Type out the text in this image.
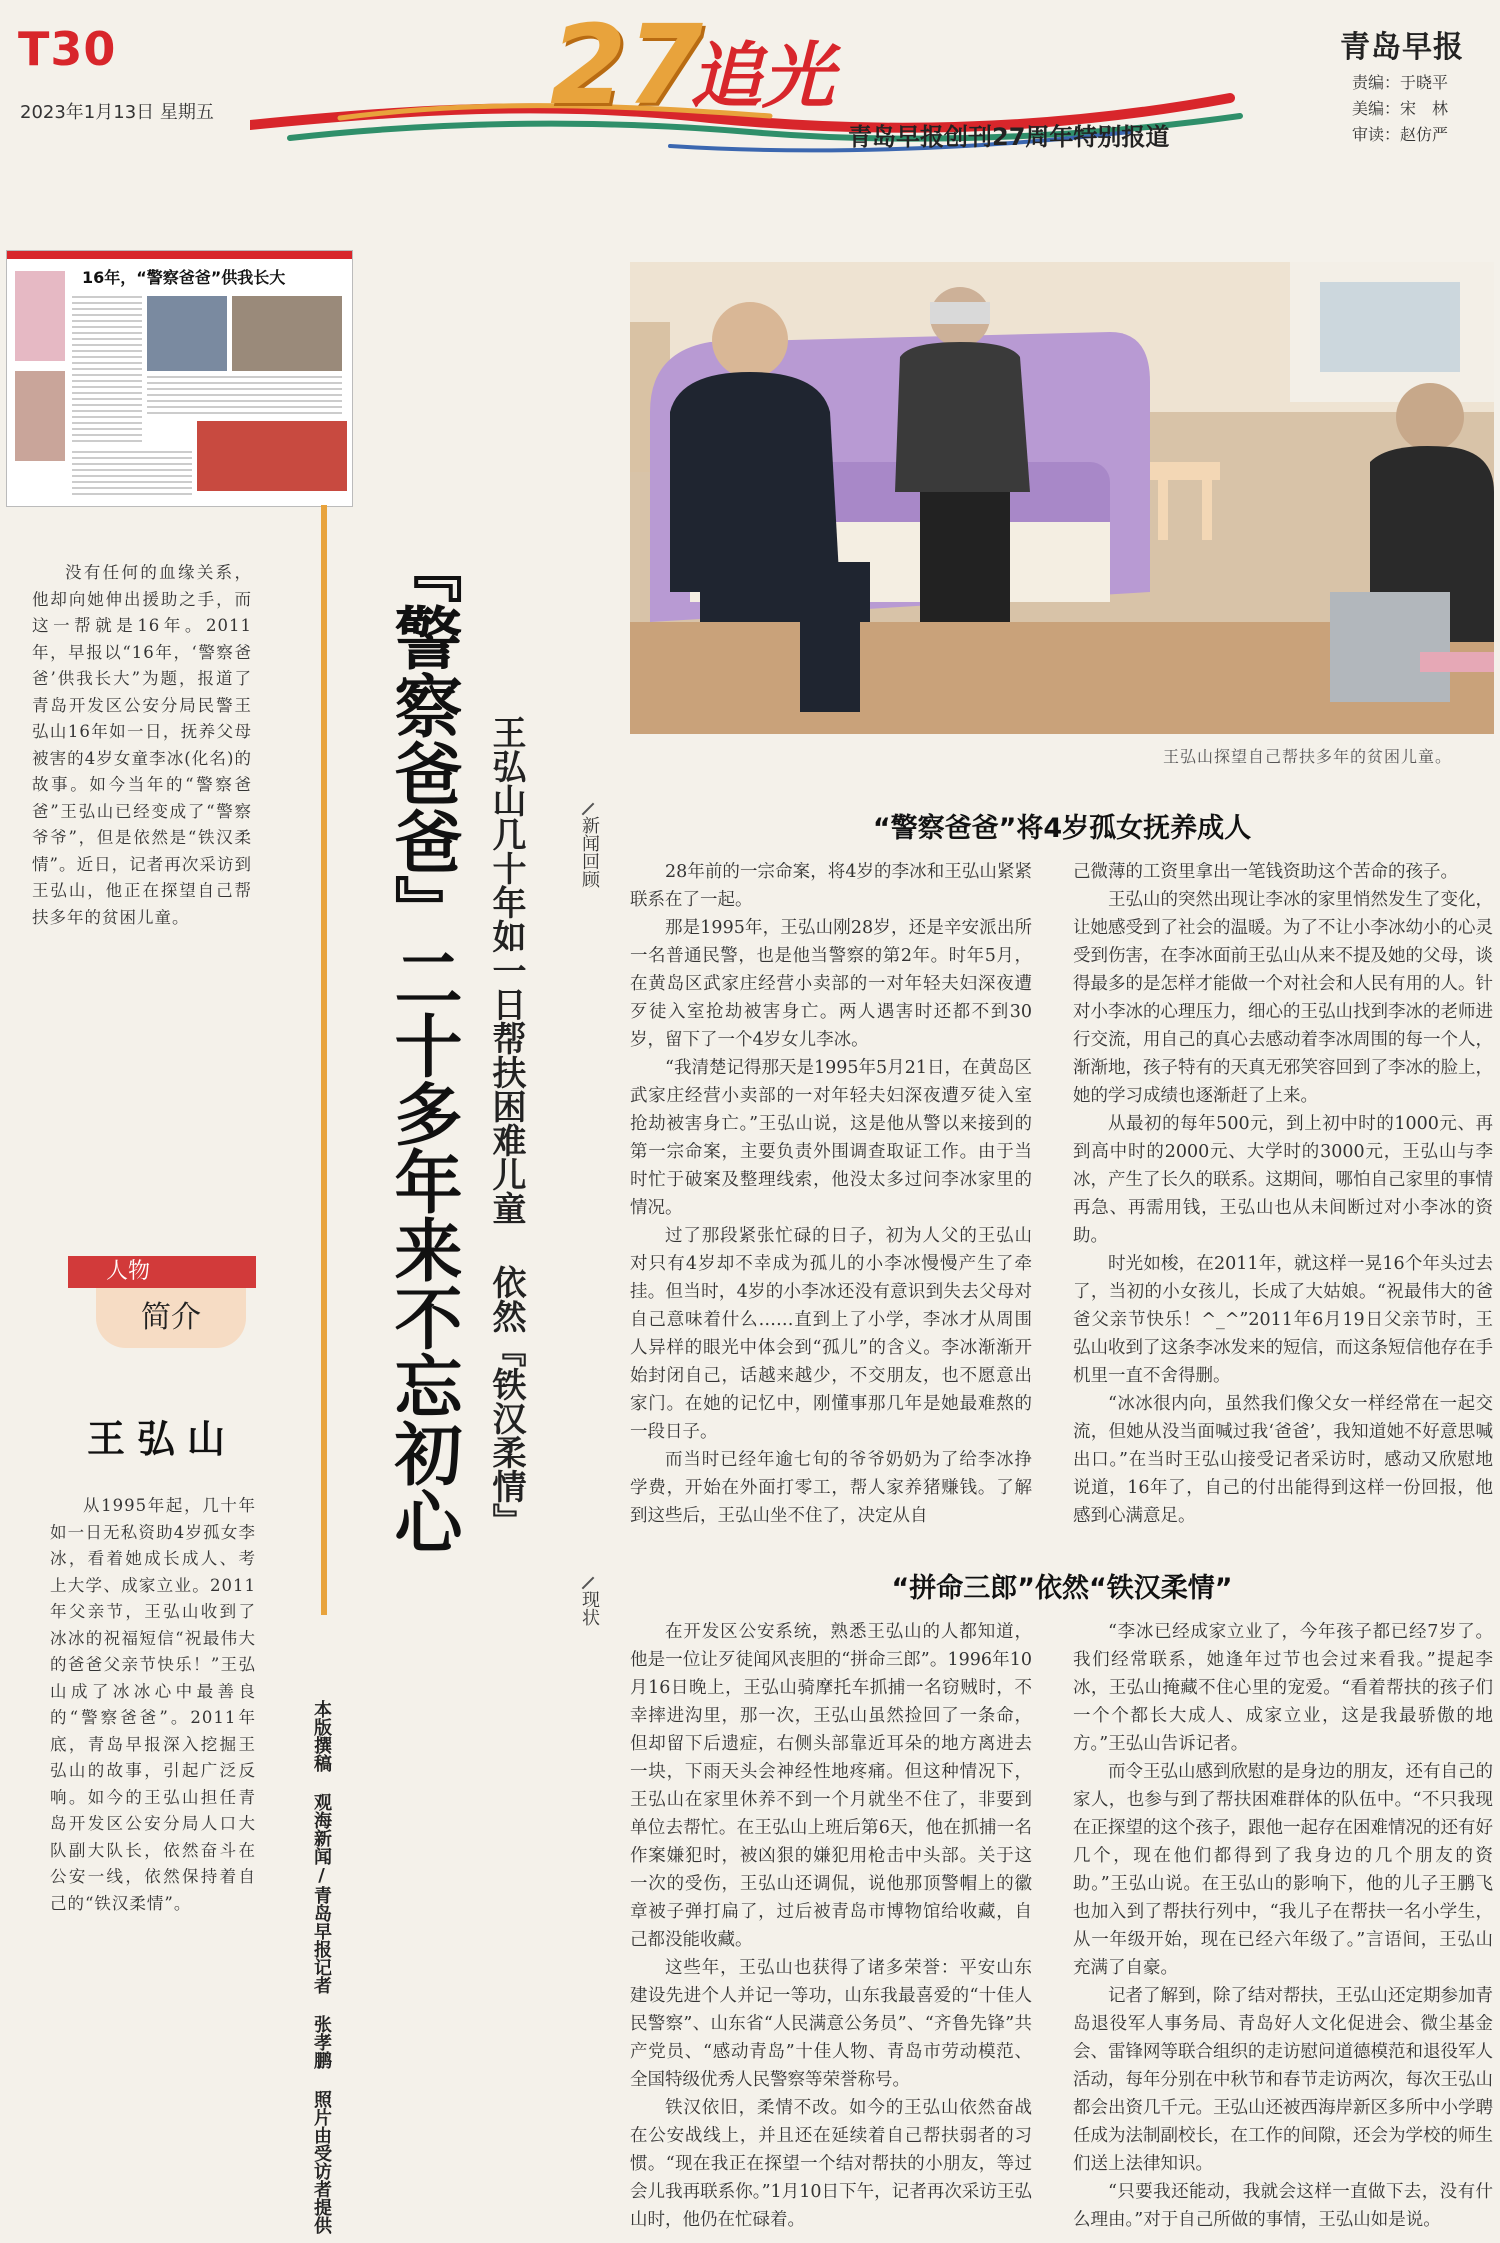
T30
2023年1月13日 星期五	27
追光
青岛早报创刊27周年特别报道
青岛早报
责编：于晓平
美编：宋　林
审读：赵仿严
16年，“警察爸爸”供我长大
没有任何的血缘关系，他却向她伸出援助之手，而这一帮就是16年。2011年，早报以“16年，‘警察爸爸’供我长大”为题，报道了青岛开发区公安分局民警王弘山16年如一日，抚养父母被害的4岁女童李冰(化名)的故事。如今当年的“警察爸爸”王弘山已经变成了“警察爷爷”，但是依然是“铁汉柔情”。近日，记者再次采访到王弘山，他正在探望自己帮扶多年的贫困儿童。	『警察爸爸』二十多年来不忘初心 王弘山几十年如一日帮扶困难儿童 依然『铁汉柔情』
人物
简介
王弘山
从1995年起，几十年如一日无私资助4岁孤女李冰，看着她成长成人、考上大学、成家立业。2011年父亲节，王弘山收到了冰冰的祝福短信“祝最伟大的爸爸父亲节快乐！”王弘山成了冰冰心中最善良的“警察爸爸”。2011年底，青岛早报深入挖掘王弘山的故事，引起广泛反响。如今的王弘山担任青岛开发区公安分局人口大队副大队长，依然奋斗在公安一线，依然保持着自己的“铁汉柔情”。	本版撰稿 观海新闻/青岛早报记者 张孝鹏 照片由受访者提供
王弘山探望自己帮扶多年的贫困儿童。
新闻回顾	“警察爸爸”将4岁孤女抚养成人

28年前的一宗命案，将4岁的李冰和王弘山紧紧联系在了一起。

那是1995年，王弘山刚28岁，还是辛安派出所一名普通民警，也是他当警察的第2年。时年5月，在黄岛区武家庄经营小卖部的一对年轻夫妇深夜遭歹徒入室抢劫被害身亡。两人遇害时还都不到30岁，留下了一个4岁女儿李冰。

“我清楚记得那天是1995年5月21日，在黄岛区武家庄经营小卖部的一对年轻夫妇深夜遭歹徒入室抢劫被害身亡。”王弘山说，这是他从警以来接到的第一宗命案，主要负责外围调查取证工作。由于当时忙于破案及整理线索，他没太多过问李冰家里的情况。

过了那段紧张忙碌的日子，初为人父的王弘山对只有4岁却不幸成为孤儿的小李冰慢慢产生了牵挂。但当时，4岁的小李冰还没有意识到失去父母对自己意味着什么……直到上了小学，李冰才从周围人异样的眼光中体会到“孤儿”的含义。李冰渐渐开始封闭自己，话越来越少，不交朋友，也不愿意出家门。在她的记忆中，刚懂事那几年是她最难熬的一段日子。

而当时已经年逾七旬的爷爷奶奶为了给李冰挣学费，开始在外面打零工，帮人家养猪赚钱。了解到这些后，王弘山坐不住了，决定从自

己微薄的工资里拿出一笔钱资助这个苦命的孩子。

王弘山的突然出现让李冰的家里悄然发生了变化，让她感受到了社会的温暖。为了不让小李冰幼小的心灵受到伤害，在李冰面前王弘山从来不提及她的父母，谈得最多的是怎样才能做一个对社会和人民有用的人。针对小李冰的心理压力，细心的王弘山找到李冰的老师进行交流，用自己的真心去感动着李冰周围的每一个人，渐渐地，孩子特有的天真无邪笑容回到了李冰的脸上，她的学习成绩也逐渐赶了上来。

从最初的每年500元，到上初中时的1000元、再到高中时的2000元、大学时的3000元，王弘山与李冰，产生了长久的联系。这期间，哪怕自己家里的事情再急、再需用钱，王弘山也从未间断过对小李冰的资助。

时光如梭，在2011年，就这样一晃16个年头过去了，当初的小女孩儿，长成了大姑娘。“祝最伟大的爸爸父亲节快乐！^_^”2011年6月19日父亲节时，王弘山收到了这条李冰发来的短信，而这条短信他存在手机里一直不舍得删。

“冰冰很内向，虽然我们像父女一样经常在一起交流，但她从没当面喊过我‘爸爸’，我知道她不好意思喊出口。”在当时王弘山接受记者采访时，感动又欣慰地说道，16年了，自己的付出能得到这样一份回报，他感到心满意足。

现状
“拼命三郎”依然“铁汉柔情”

在开发区公安系统，熟悉王弘山的人都知道，他是一位让歹徒闻风丧胆的“拼命三郎”。1996年10月16日晚上，王弘山骑摩托车抓捕一名窃贼时，不幸摔进沟里，那一次，王弘山虽然捡回了一条命，但却留下后遗症，右侧头部靠近耳朵的地方离进去一块，下雨天头会神经性地疼痛。但这种情况下，王弘山在家里休养不到一个月就坐不住了，非要到单位去帮忙。在王弘山上班后第6天，他在抓捕一名作案嫌犯时，被凶狠的嫌犯用枪击中头部。关于这一次的受伤，王弘山还调侃，说他那顶警帽上的徽章被子弹打扁了，过后被青岛市博物馆给收藏，自己都没能收藏。

这些年，王弘山也获得了诸多荣誉：平安山东建设先进个人并记一等功，山东我最喜爱的“十佳人民警察”、山东省“人民满意公务员”、“齐鲁先锋”共产党员、“感动青岛”十佳人物、青岛市劳动模范、全国特级优秀人民警察等荣誉称号。

铁汉依旧，柔情不改。如今的王弘山依然奋战在公安战线上，并且还在延续着自己帮扶弱者的习惯。“现在我正在探望一个结对帮扶的小朋友，等过会儿我再联系你。”1月10日下午，记者再次采访王弘山时，他仍在忙碌着。

“李冰已经成家立业了，今年孩子都已经7岁了。我们经常联系，她逢年过节也会过来看我。”提起李冰，王弘山掩藏不住心里的宠爱。“看着帮扶的孩子们一个个都长大成人、成家立业，这是我最骄傲的地方。”王弘山告诉记者。

而令王弘山感到欣慰的是身边的朋友，还有自己的家人，也参与到了帮扶困难群体的队伍中。“不只我现在正探望的这个孩子，跟他一起存在困难情况的还有好几个，现在他们都得到了我身边的几个朋友的资助。”王弘山说。在王弘山的影响下，他的儿子王鹏飞也加入到了帮扶行列中，“我儿子在帮扶一名小学生，从一年级开始，现在已经六年级了。”言语间，王弘山充满了自豪。

记者了解到，除了结对帮扶，王弘山还定期参加青岛退役军人事务局、青岛好人文化促进会、微尘基金会、雷锋网等联合组织的走访慰问道德模范和退役军人活动，每年分别在中秋节和春节走访两次，每次王弘山都会出资几千元。王弘山还被西海岸新区多所中小学聘任成为法制副校长，在工作的间隙，还会为学校的师生们送上法律知识。

“只要我还能动，我就会这样一直做下去，没有什么理由。”对于自己所做的事情，王弘山如是说。
